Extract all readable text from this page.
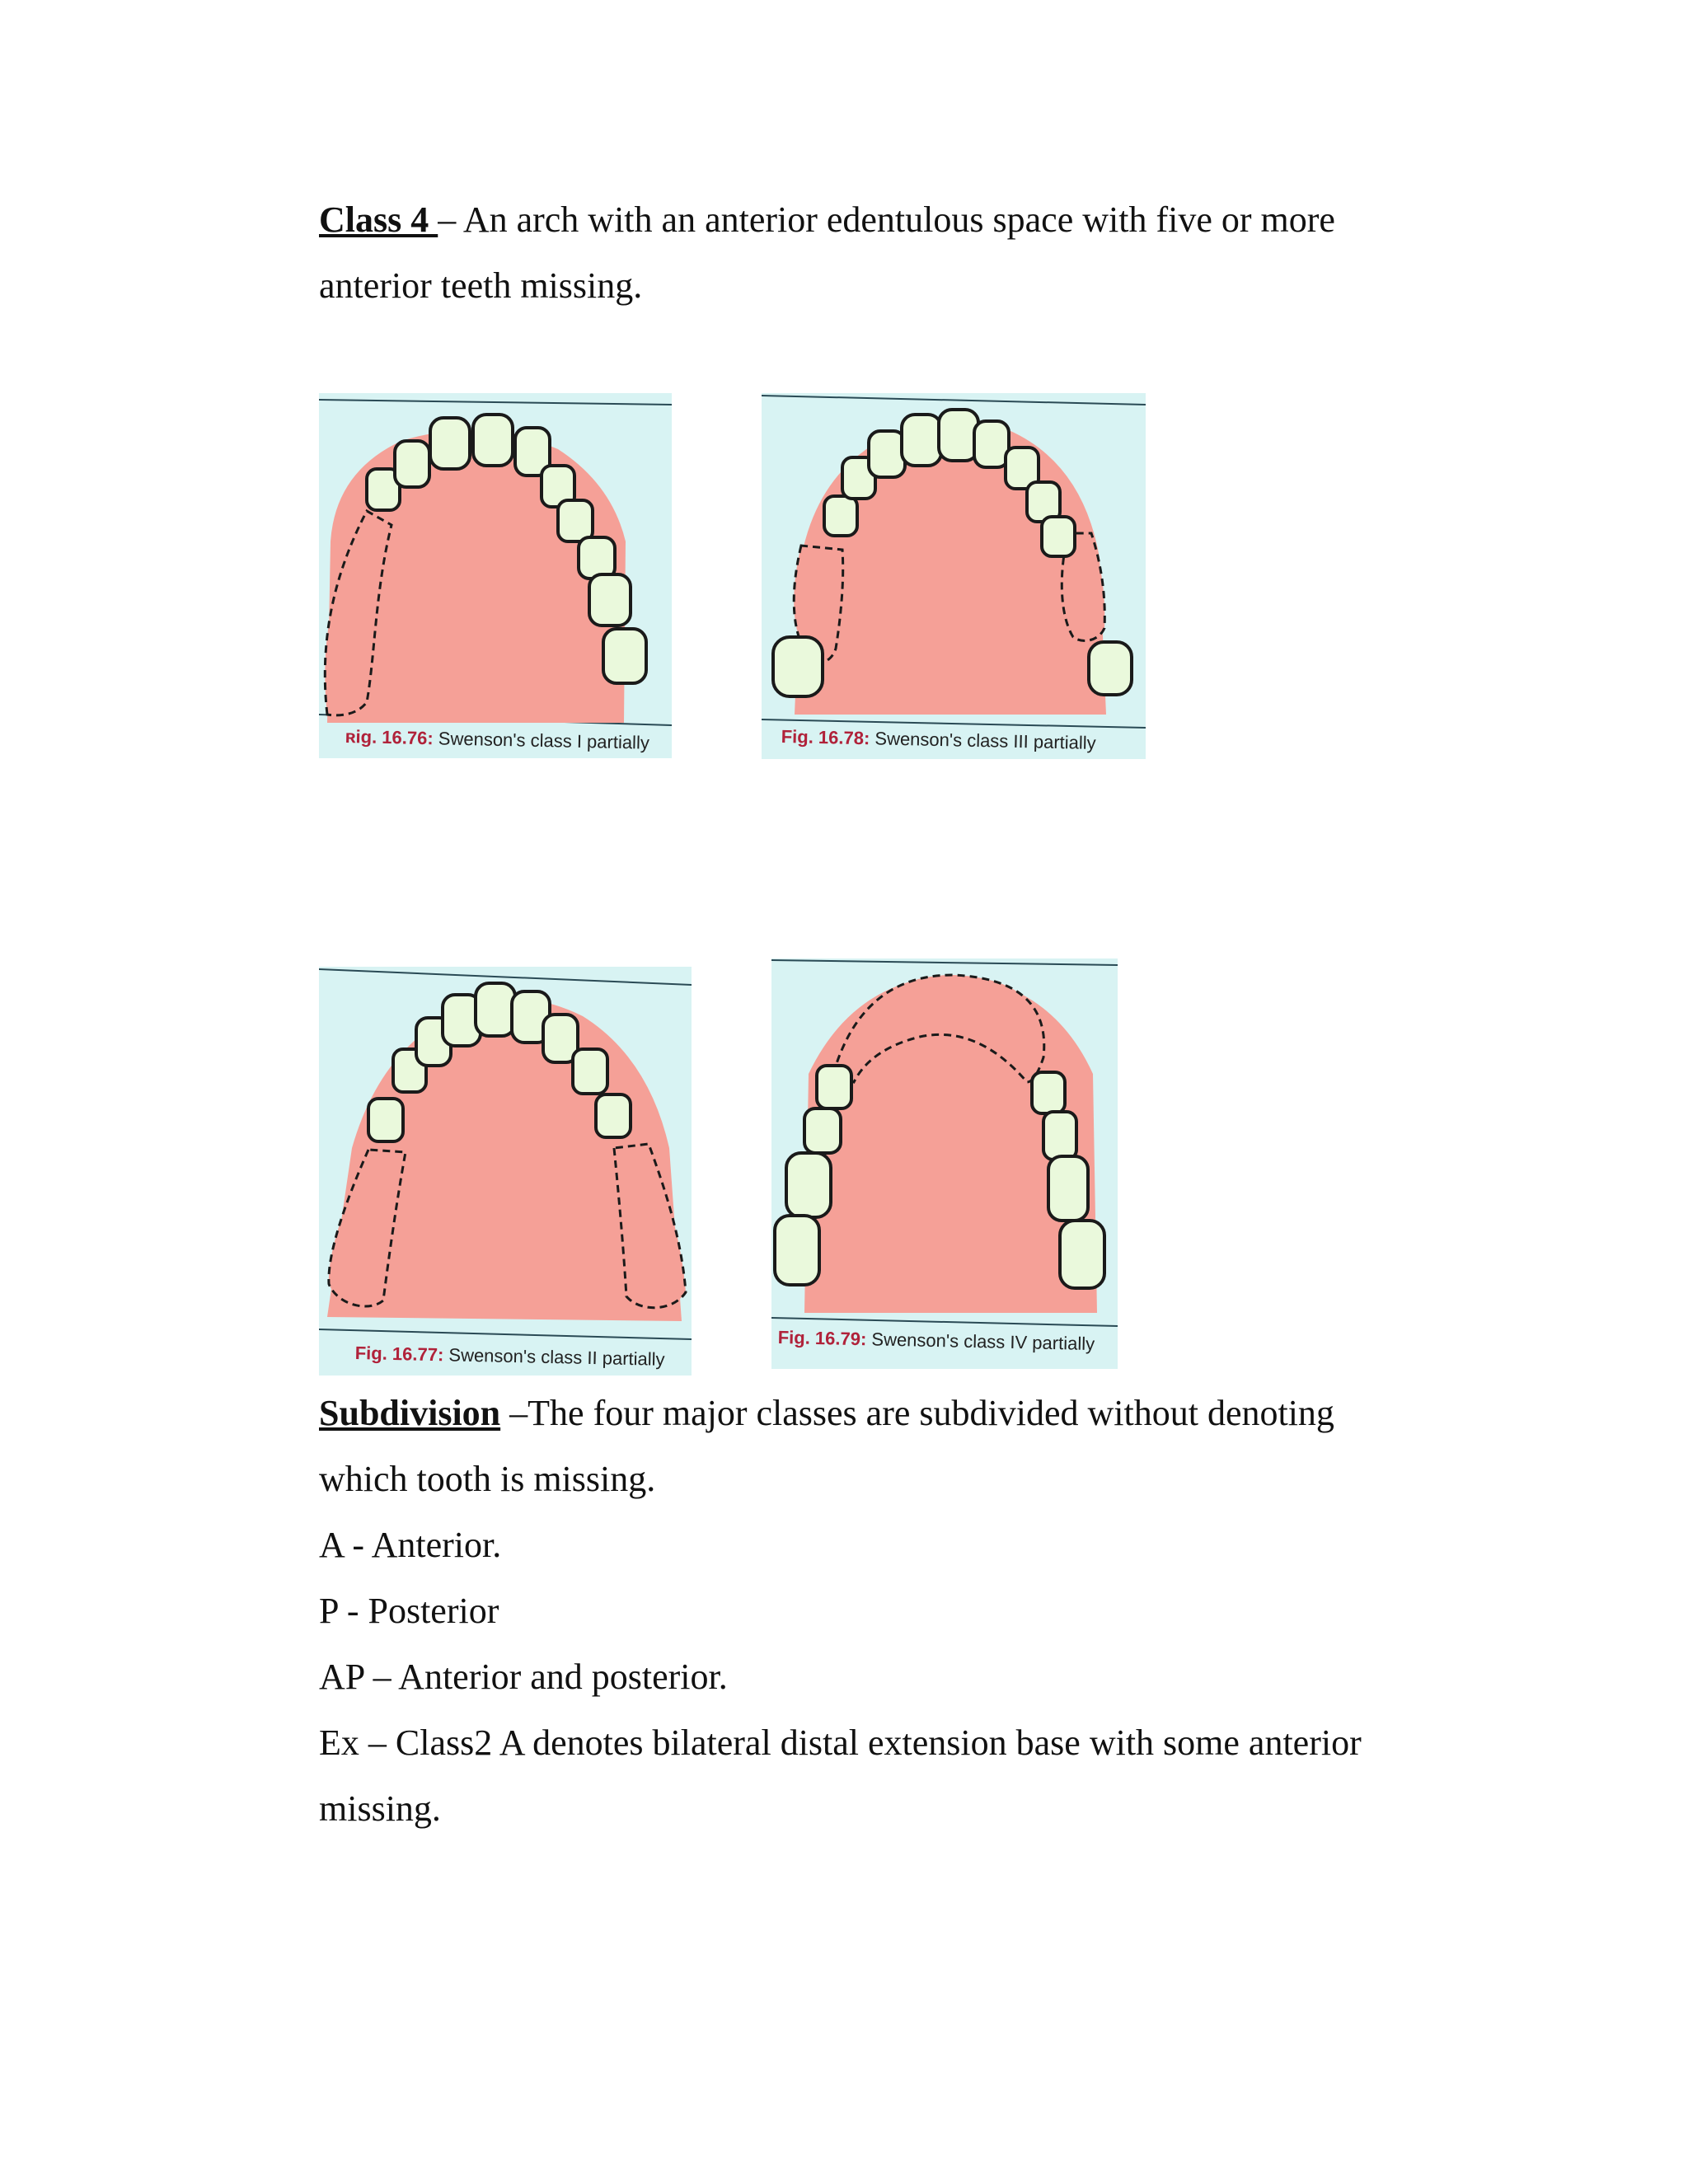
Class 4 – An arch with an anterior edentulous space with five or more
anterior teeth missing.
ʀig. 16.76: Swenson's class I partially	Fig. 16.78: Swenson's class III partially
Fig. 16.77: Swenson's class II partially
Fig. 16.79: Swenson's class IV partially
Subdivision –The four major classes are subdivided without denoting
which tooth is missing.
A - Anterior.
P - Posterior
AP – Anterior and posterior.
Ex – Class2 A denotes bilateral distal extension base with some anterior
missing.
